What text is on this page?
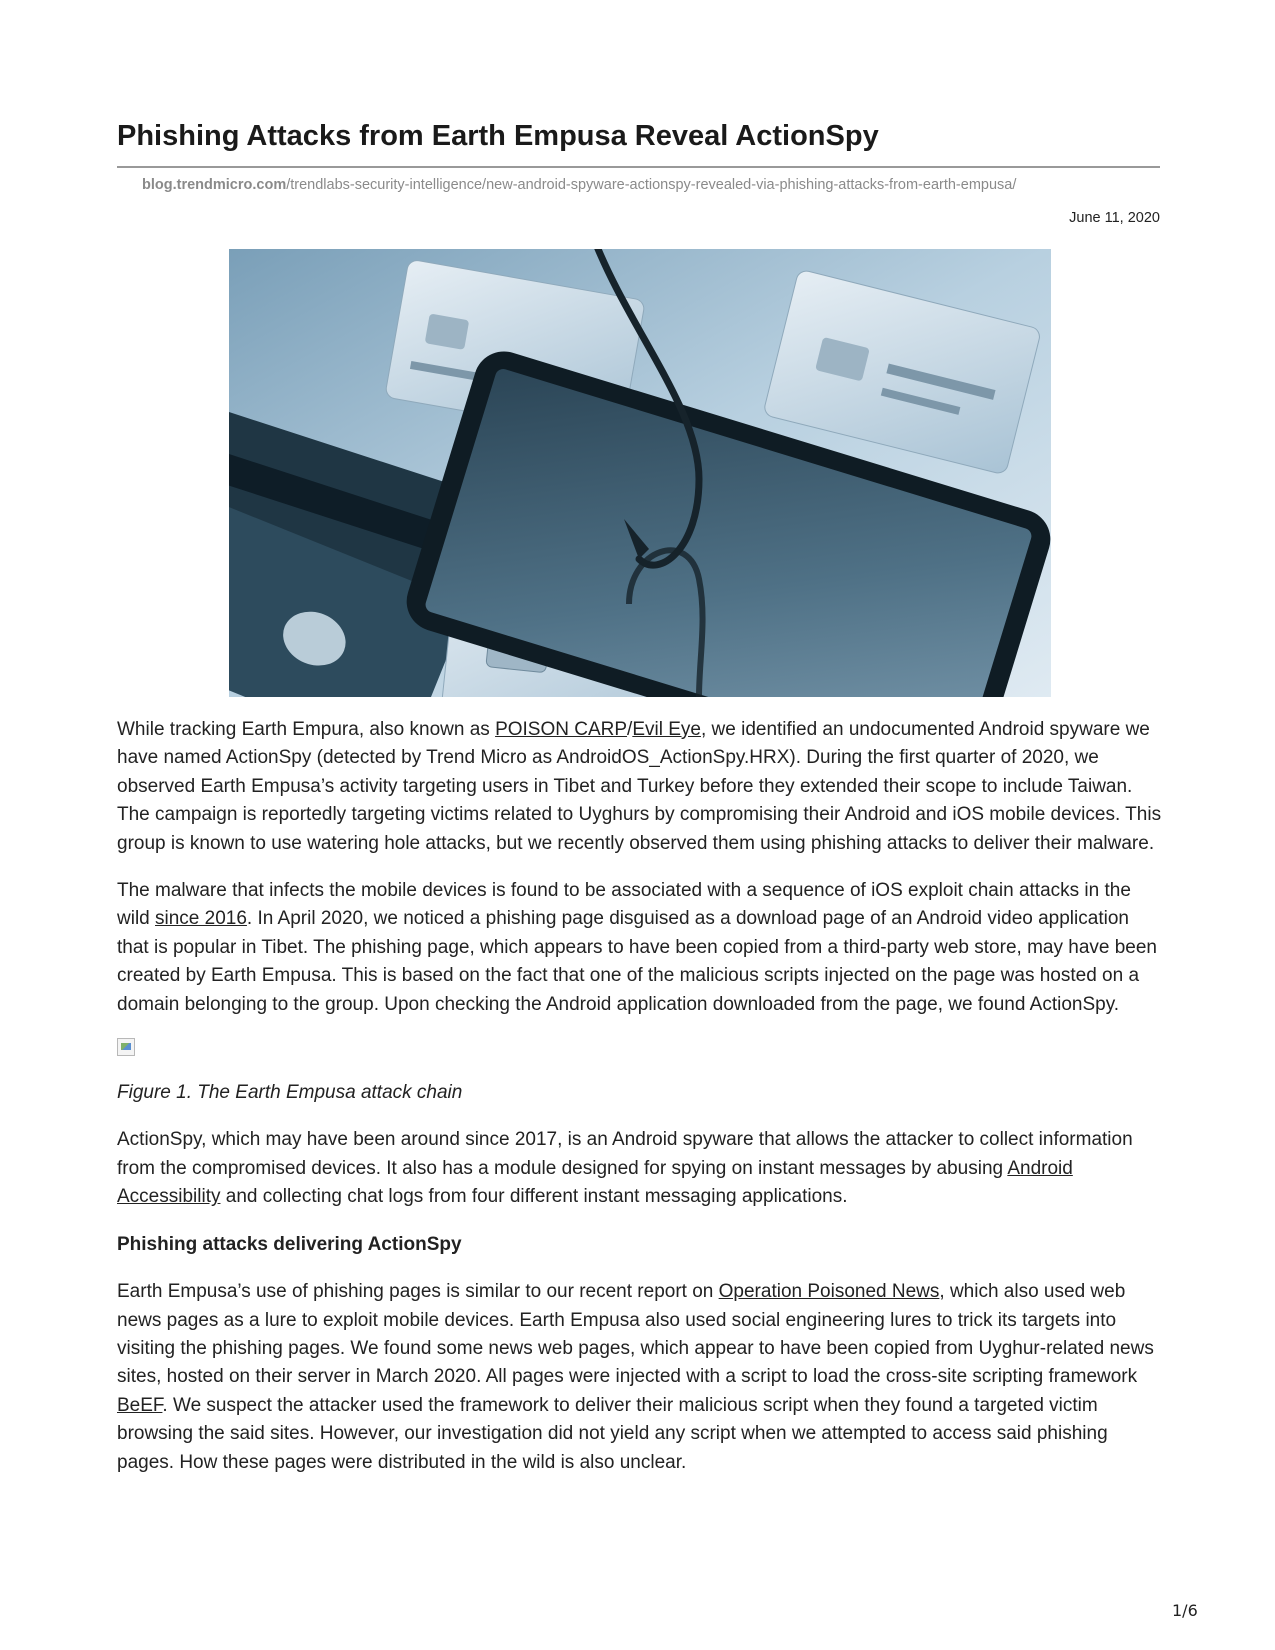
Phishing Attacks from Earth Empusa Reveal ActionSpy
blog.trendmicro.com/trendlabs-security-intelligence/new-android-spyware-actionspy-revealed-via-phishing-attacks-from-earth-empusa/
June 11, 2020

While tracking Earth Empura, also known as POISON CARP/Evil Eye, we identified an undocumented Android spyware we have named ActionSpy (detected by Trend Micro as AndroidOS_ActionSpy.HRX). During the first quarter of 2020, we observed Earth Empusa’s activity targeting users in Tibet and Turkey before they extended their scope to include Taiwan. The campaign is reportedly targeting victims related to Uyghurs by compromising their Android and iOS mobile devices. This group is known to use watering hole attacks, but we recently observed them using phishing attacks to deliver their malware.

The malware that infects the mobile devices is found to be associated with a sequence of iOS exploit chain attacks in the wild since 2016. In April 2020, we noticed a phishing page disguised as a download page of an Android video application that is popular in Tibet. The phishing page, which appears to have been copied from a third-party web store, may have been created by Earth Empusa. This is based on the fact that one of the malicious scripts injected on the page was hosted on a domain belonging to the group. Upon checking the Android application downloaded from the page, we found ActionSpy.

Figure 1. The Earth Empusa attack chain

ActionSpy, which may have been around since 2017, is an Android spyware that allows the attacker to collect information from the compromised devices. It also has a module designed for spying on instant messages by abusing Android Accessibility and collecting chat logs from four different instant messaging applications.

Phishing attacks delivering ActionSpy

Earth Empusa’s use of phishing pages is similar to our recent report on Operation Poisoned News, which also used web news pages as a lure to exploit mobile devices. Earth Empusa also used social engineering lures to trick its targets into visiting the phishing pages. We found some news web pages, which appear to have been copied from Uyghur-related news sites, hosted on their server in March 2020. All pages were injected with a script to load the cross-site scripting framework BeEF. We suspect the attacker used the framework to deliver their malicious script when they found a targeted victim browsing the said sites. However, our investigation did not yield any script when we attempted to access said phishing pages. How these pages were distributed in the wild is also unclear.

1/6
